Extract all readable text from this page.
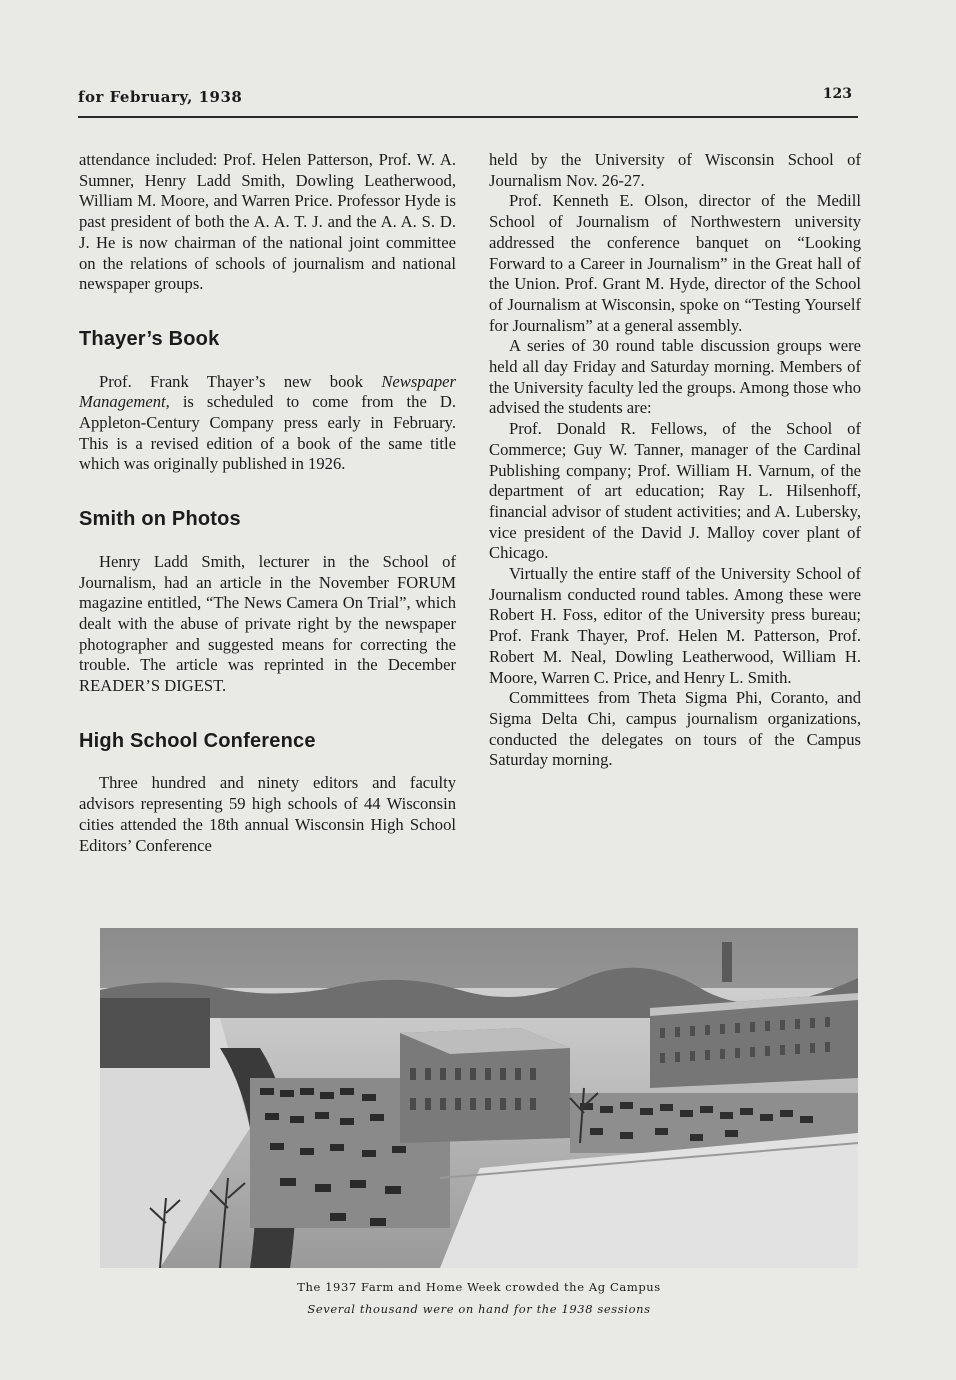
for February, 1938	123

attendance included: Prof. Helen Patterson, Prof. W. A. Sumner, Henry Ladd Smith, Dowling Leatherwood, William M. Moore, and Warren Price. Professor Hyde is past president of both the A. A. T. J. and the A. A. S. D. J. He is now chairman of the national joint committee on the relations of schools of journalism and national newspaper groups.

Thayer’s Book

Prof. Frank Thayer’s new book Newspaper Management, is scheduled to come from the D. Appleton-Century Company press early in February. This is a revised edition of a book of the same title which was originally published in 1926.

Smith on Photos

Henry Ladd Smith, lecturer in the School of Journalism, had an article in the November FORUM magazine entitled, “The News Camera On Trial”, which dealt with the abuse of private right by the newspaper photographer and suggested means for correcting the trouble. The article was reprinted in the December READER’S DIGEST.

High School Conference

Three hundred and ninety editors and faculty advisors representing 59 high schools of 44 Wisconsin cities attended the 18th annual Wisconsin High School Editors’ Conference

held by the University of Wisconsin School of Journalism Nov. 26-27.

Prof. Kenneth E. Olson, director of the Medill School of Journalism of Northwestern university addressed the conference banquet on “Looking Forward to a Career in Journalism” in the Great hall of the Union. Prof. Grant M. Hyde, director of the School of Journalism at Wisconsin, spoke on “Testing Yourself for Journalism” at a general assembly.

A series of 30 round table discussion groups were held all day Friday and Saturday morning. Members of the University faculty led the groups. Among those who advised the students are:

Prof. Donald R. Fellows, of the School of Commerce; Guy W. Tanner, manager of the Cardinal Publishing company; Prof. William H. Varnum, of the department of art education; Ray L. Hilsenhoff, financial advisor of student activities; and A. Lubersky, vice president of the David J. Malloy cover plant of Chicago.

Virtually the entire staff of the University School of Journalism conducted round tables. Among these were Robert H. Foss, editor of the University press bureau; Prof. Frank Thayer, Prof. Helen M. Patterson, Prof. Robert M. Neal, Dowling Leatherwood, William H. Moore, Warren C. Price, and Henry L. Smith.

Committees from Theta Sigma Phi, Coranto, and Sigma Delta Chi, campus journalism organizations, conducted the delegates on tours of the Campus Saturday morning.

The 1937 Farm and Home Week crowded the Ag Campus
Several thousand were on hand for the 1938 sessions
